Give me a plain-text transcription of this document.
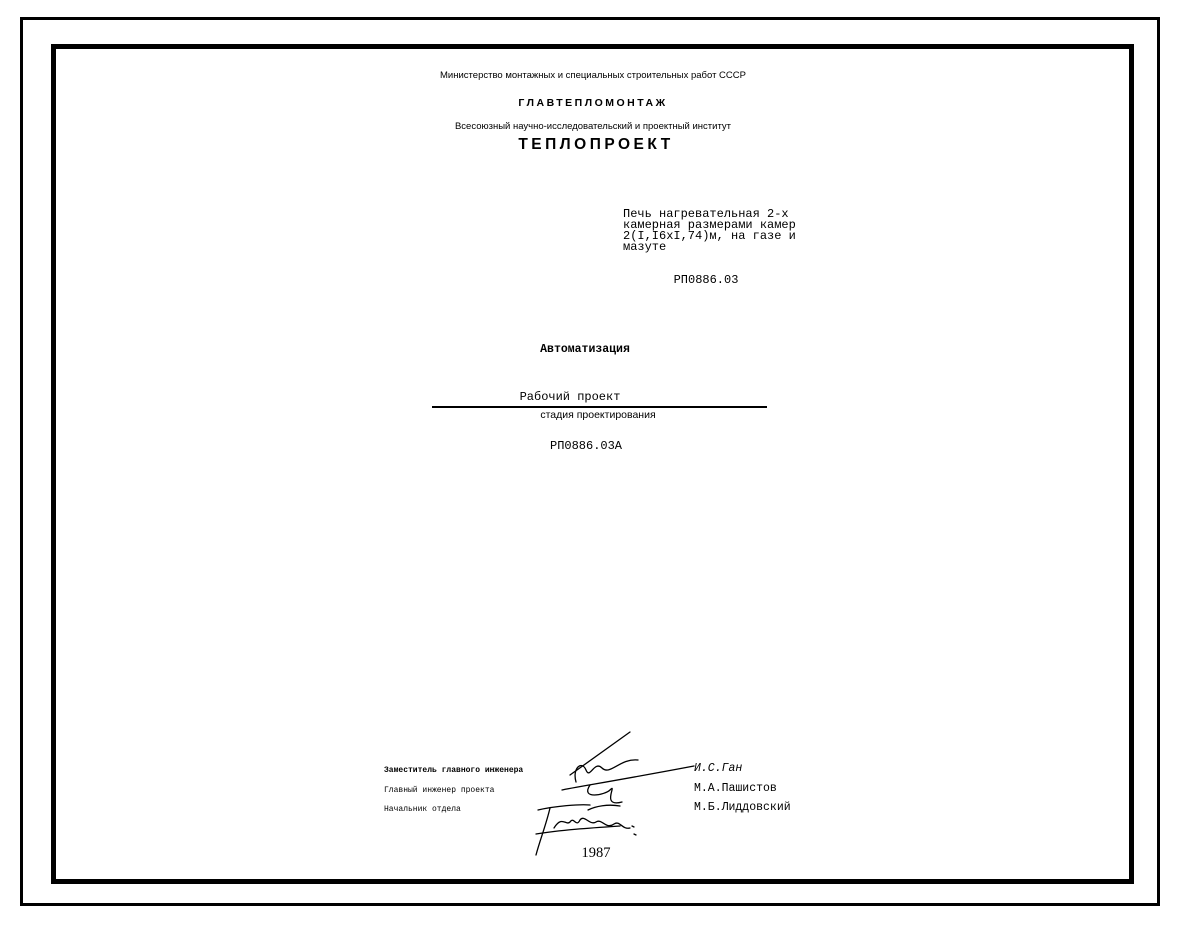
Министерство монтажных и специальных строительных работ СССР
ГЛАВТЕПЛОМОНТАЖ
Всесоюзный научно-исследовательский и проектный институт
ТЕПЛОПРОЕКТ
Печь нагревательная 2-х
камерная размерами камер
2(I,I6xI,74)м, на газе и
мазуте
РП0886.03
Автоматизация
Рабочий проект
стадия проектирования
РП0886.03А
Заместитель главного инженера
Главный инженер проекта
Начальник отдела
И.С.Ган
М.А.Пашистов
М.Б.Лиддовский
1987
